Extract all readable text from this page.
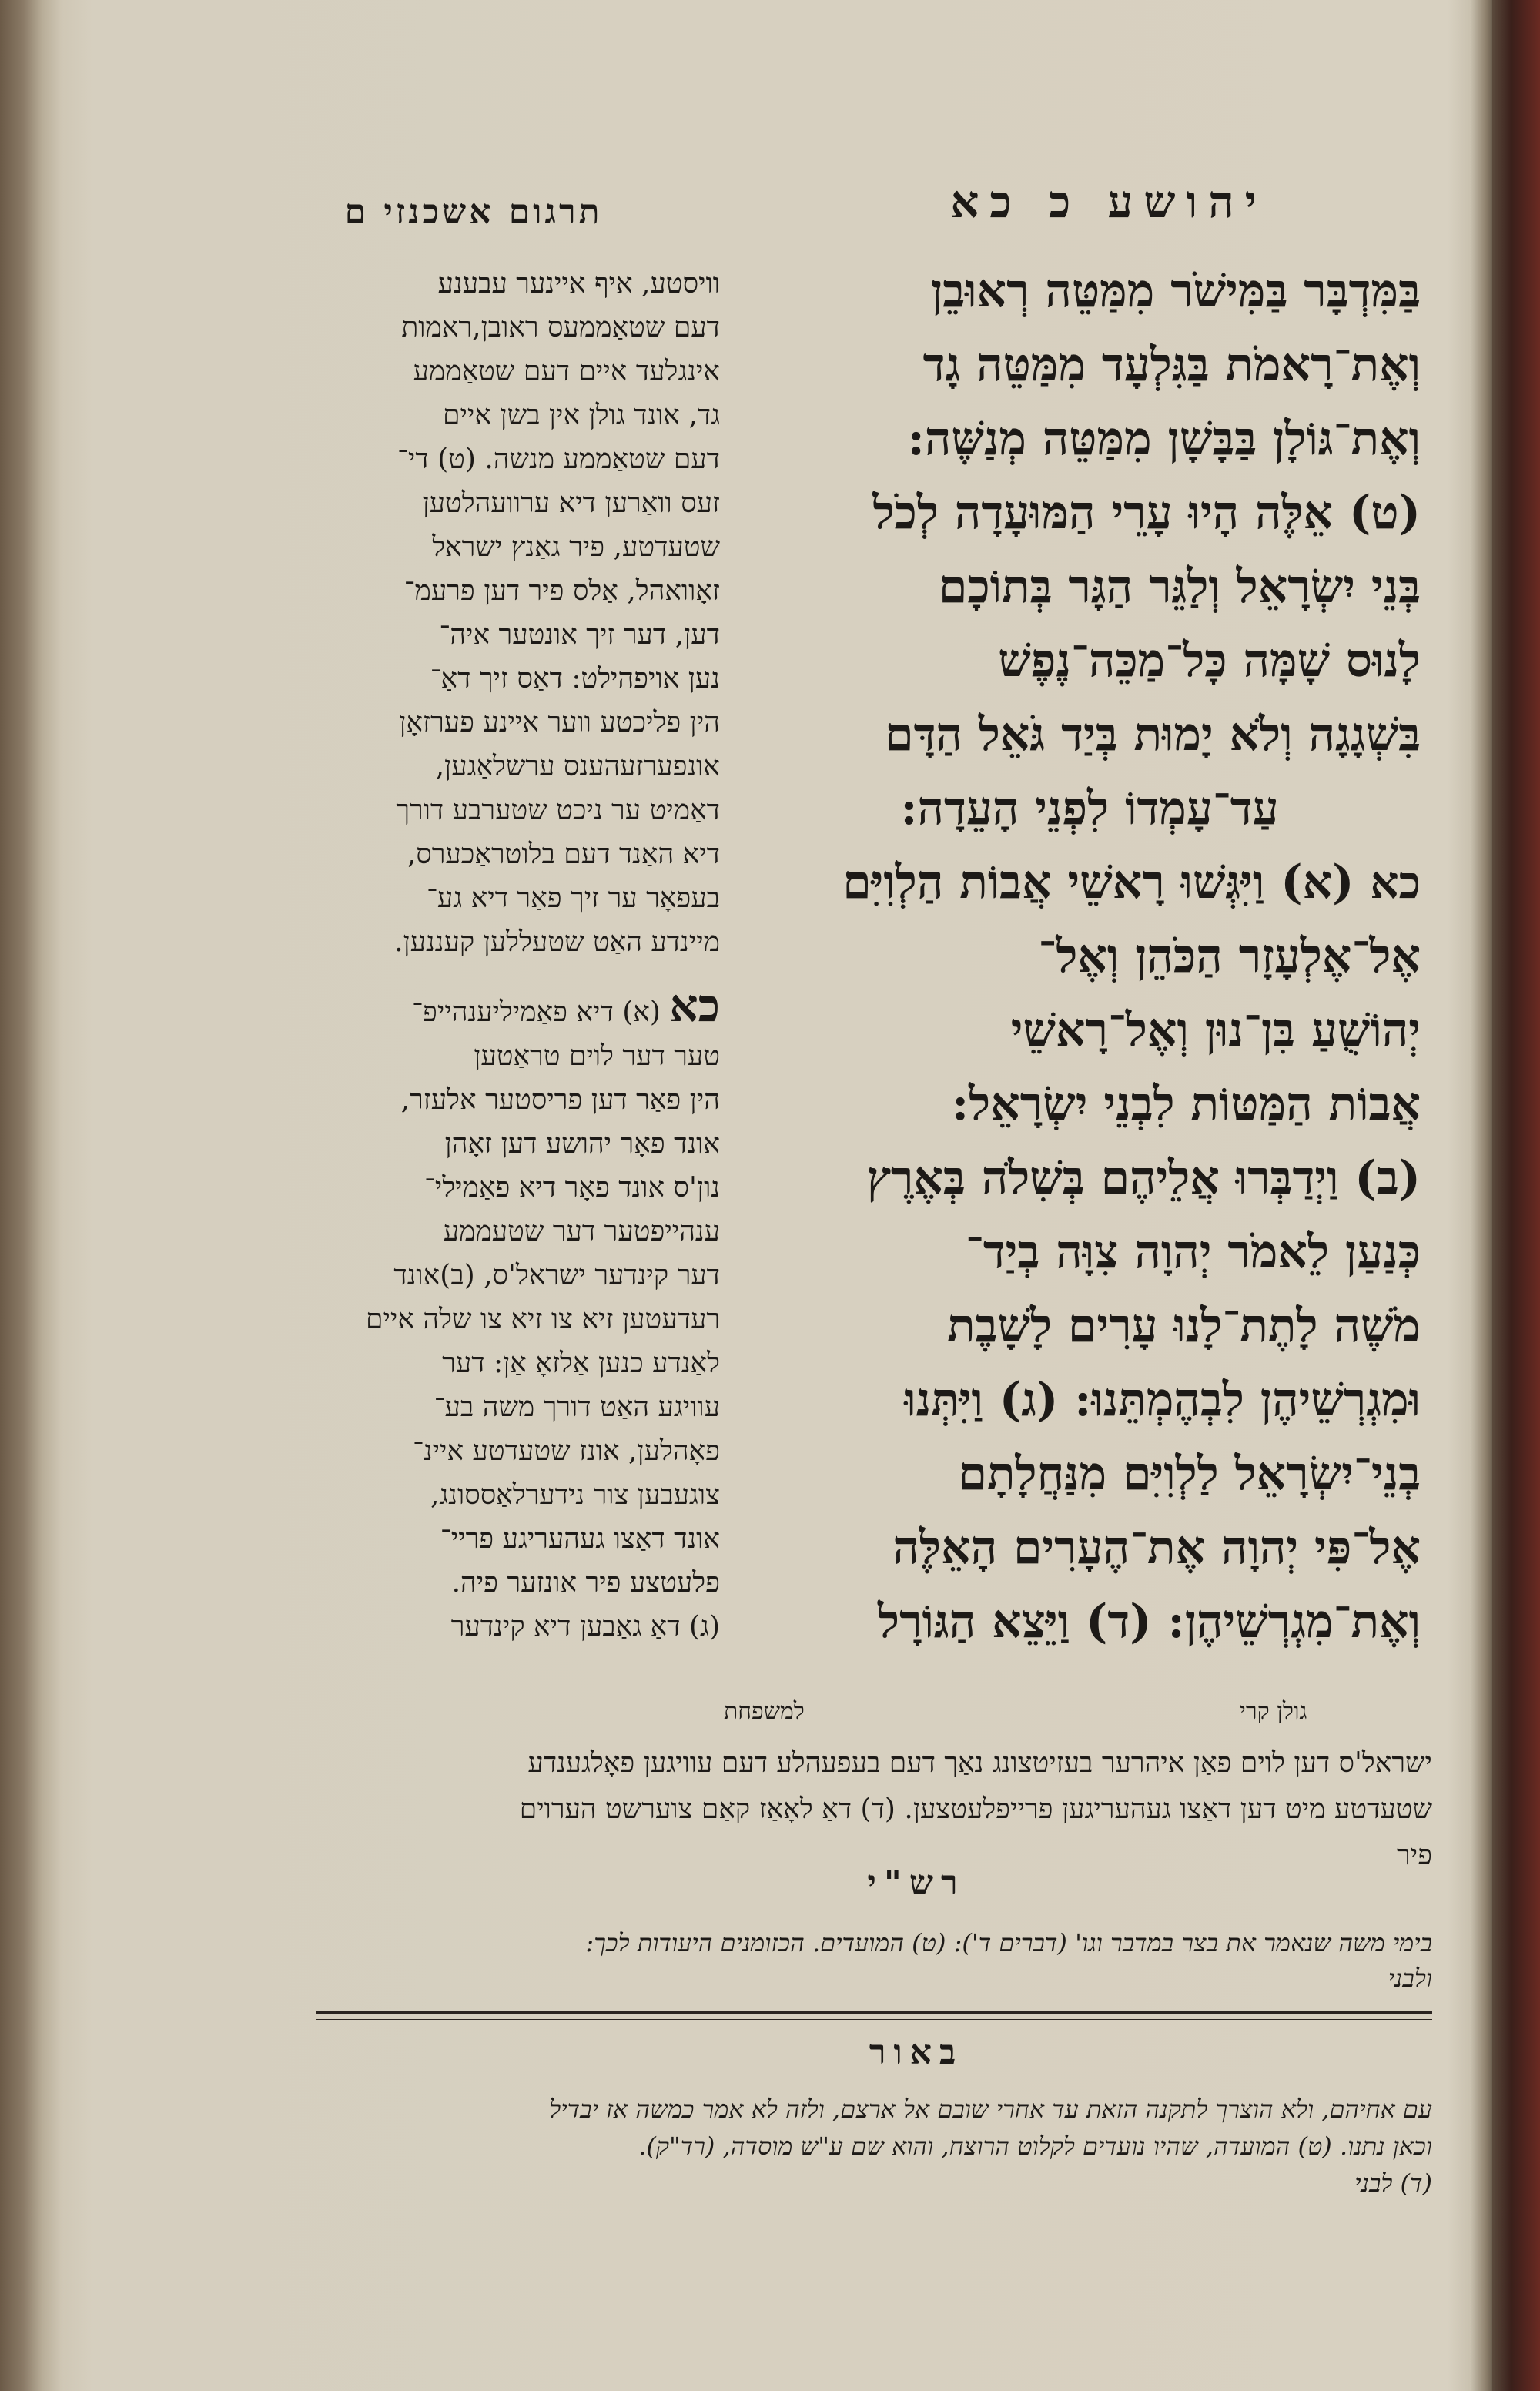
תרגום אשכנזי ם	יהושע כ כא
וויסטע, איף איינער עבענע
דעם שטאַממעס ראובן,ראמות
אינגלעד איים דעם שטאַממע
גד, אונד גולן אין בשן איים
דעם שטאַממע מנשה. (ט) די־
זעס וואַרען דיא ערוועהלטען
שטעדטע, פיר גאַנץ ישראל
זאָוואהל, אַלס פיר דען פרעמ־
דען, דער זיך אונטער איה־
נען אויפהילט: דאַס זיך דאַ־
הין פליכטע ווער איינע פערזאָן
אונפערזעהענס ערשלאַגען,
דאַמיט ער ניכט שטערבע דורך
דיא האַנד דעם בלוטראַכערס,
בעפאָר ער זיך פאַר דיא גע־
מיינדע האַט שטעללען קעננען.
כא (א) דיא פאַמיליענהייפ־
טער דער לוים טראַטען
הין פאַר דען פריסטער אלעזר,
אונד פאָר יהושע דען זאָהן
נון'ס אונד פאָר דיא פאַמילי־
ענהייפטער דער שטעממע
דער קינדער ישראל'ס, (ב)אונד
רעדעטען זיא צו זיא צו שלה איים
לאַנדע כנען אַלזאָ אַן: דער
עוויגע האַט דורך משה בע־
פאָהלען, אונז שטעדטע איינ־
צוגעבען צור נידערלאַססונג,
אונד דאַצו געהעריגע פריי־
פלעטצע פיר אונזער פיה.
(ג) דאַ גאַבען דיא קינדער
בַּמִּדְבָּר בַּמִּישֹׁר מִמַּטֵּה רְאוּבֵן
וְאֶת־רָאמֹת בַּגִּלְעָד מִמַּטֵּה גָד
וְאֶת־גּוֹלָן בַּבָּשָׁן מִמַּטֵּה מְנַשֶּׁה:
(ט) אֵלֶּה הָיוּ עָרֵי הַמּוּעָדָה לְכֹל
בְּנֵי יִשְׂרָאֵל וְלַגֵּר הַגָּר בְּתוֹכָם
לָנוּס שָׁמָּה כָּל־מַכֵּה־נֶפֶשׁ
בִּשְׁגָגָה וְלֹא יָמוּת בְּיַד גֹּאֵל הַדָּם
עַד־עָמְדוֹ לִפְנֵי הָעֵדָה:
כא (א) וַיִּגְּשׁוּ רָאשֵׁי אֲבוֹת הַלְוִיִּם
אֶל־אֶלְעָזָר הַכֹּהֵן וְאֶל־
יְהוֹשֻׁעַ בִּן־נוּן וְאֶל־רָאשֵׁי
אֲבוֹת הַמַּטּוֹת לִבְנֵי יִשְׂרָאֵל:
(ב) וַיְדַבְּרוּ אֲלֵיהֶם בְּשִׁלֹה בְּאֶרֶץ
כְּנַעַן לֵאמֹר יְהוָה צִוָּה בְיַד־
מֹשֶׁה לָתֶת־לָנוּ עָרִים לָשָׁבֶת
וּמִגְרְשֵׁיהֶן לִבְהֶמְתֵּנוּ: (ג) וַיִּתְּנוּ
בְנֵי־יִשְׂרָאֵל לַלְוִיִּם מִנַּחֲלָתָם
אֶל־פִּי יְהוָה אֶת־הֶעָרִים הָאֵלֶּה
וְאֶת־מִגְרְשֵׁיהֶן: (ד) וַיֵּצֵא הַגּוֹרָל
למשפחת	גולן קרי
ישראל'ס דען לוים פאַן איהרער בעזיטצונג נאַך דעם בעפעהלע דעם עוויגען פאָלגענדע
שטעדטע מיט דען דאַצו געהעריגען פרייפלעטצען. (ד) דאַ לאָאַז קאַם צוערשט הערוים
פיר
רש"י
בימי משה שנאמר את בצר במדבר וגו' (דברים ד'): (ט) המועדים. הכזומנים היעודות לכך:
ולבני
באור
עם אחיהם, ולא הוצרך לתקנה הזאת עד אחרי שובם אל ארצם, ולזה לא אמר כמשה אז יבדיל
וכאן נתנו. (ט) המועדה, שהיו נועדים לקלוט הרוצח, והוא שם ע"ש מוסדה, (רד"ק).
(ד) לבני
